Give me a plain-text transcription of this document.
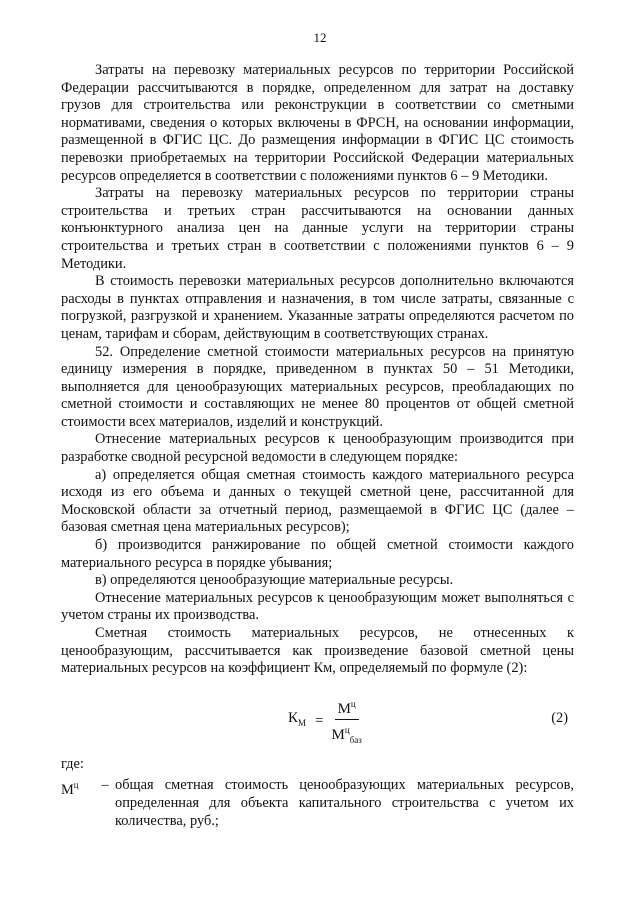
12

Затраты на перевозку материальных ресурсов по территории Российской Федерации рассчитываются в порядке, определенном для затрат на доставку грузов для строительства или реконструкции в соответствии со сметными нормативами, сведения о которых включены в ФРСН, на основании информации, размещенной в ФГИС ЦС. До размещения информации в ФГИС ЦС стоимость перевозки приобретаемых на территории Российской Федерации материальных ресурсов определяется в соответствии с положениями пунктов 6 – 9 Методики.

Затраты на перевозку материальных ресурсов по территории страны строительства и третьих стран рассчитываются на основании данных конъюнктурного анализа цен на данные услуги на территории страны строительства и третьих стран в соответствии с положениями пунктов 6 – 9 Методики.

В стоимость перевозки материальных ресурсов дополнительно включаются расходы в пунктах отправления и назначения, в том числе затраты, связанные с погрузкой, разгрузкой и хранением. Указанные затраты определяются расчетом по ценам, тарифам и сборам, действующим в соответствующих странах.

52. Определение сметной стоимости материальных ресурсов на принятую единицу измерения в порядке, приведенном в пунктах 50 – 51 Методики, выполняется для ценообразующих материальных ресурсов, преобладающих по сметной стоимости и составляющих не менее 80 процентов от общей сметной стоимости всех материалов, изделий и конструкций.

Отнесение материальных ресурсов к ценообразующим производится при разработке сводной ресурсной ведомости в следующем порядке:

а) определяется общая сметная стоимость каждого материального ресурса исходя из его объема и данных о текущей сметной цене, рассчитанной для Московской области за отчетный период, размещаемой в ФГИС ЦС (далее – базовая сметная цена материальных ресурсов);

б) производится ранжирование по общей сметной стоимости каждого материального ресурса в порядке убывания;

в) определяются ценообразующие материальные ресурсы.

Отнесение материальных ресурсов к ценообразующим может выполняться с учетом страны их производства.

Сметная стоимость материальных ресурсов, не отнесенных к ценообразующим, рассчитывается как произведение базовой сметной цены материальных ресурсов на коэффициент Км, определяемый по формуле (2):

$К_М = \frac{М^ц}{М^ц_{баз}}$	(2)
где:
$М^ц$	– общая сметная стоимость ценообразующих материальных ресурсов, определенная для объекта капитального строительства с учетом их количества, руб.;
